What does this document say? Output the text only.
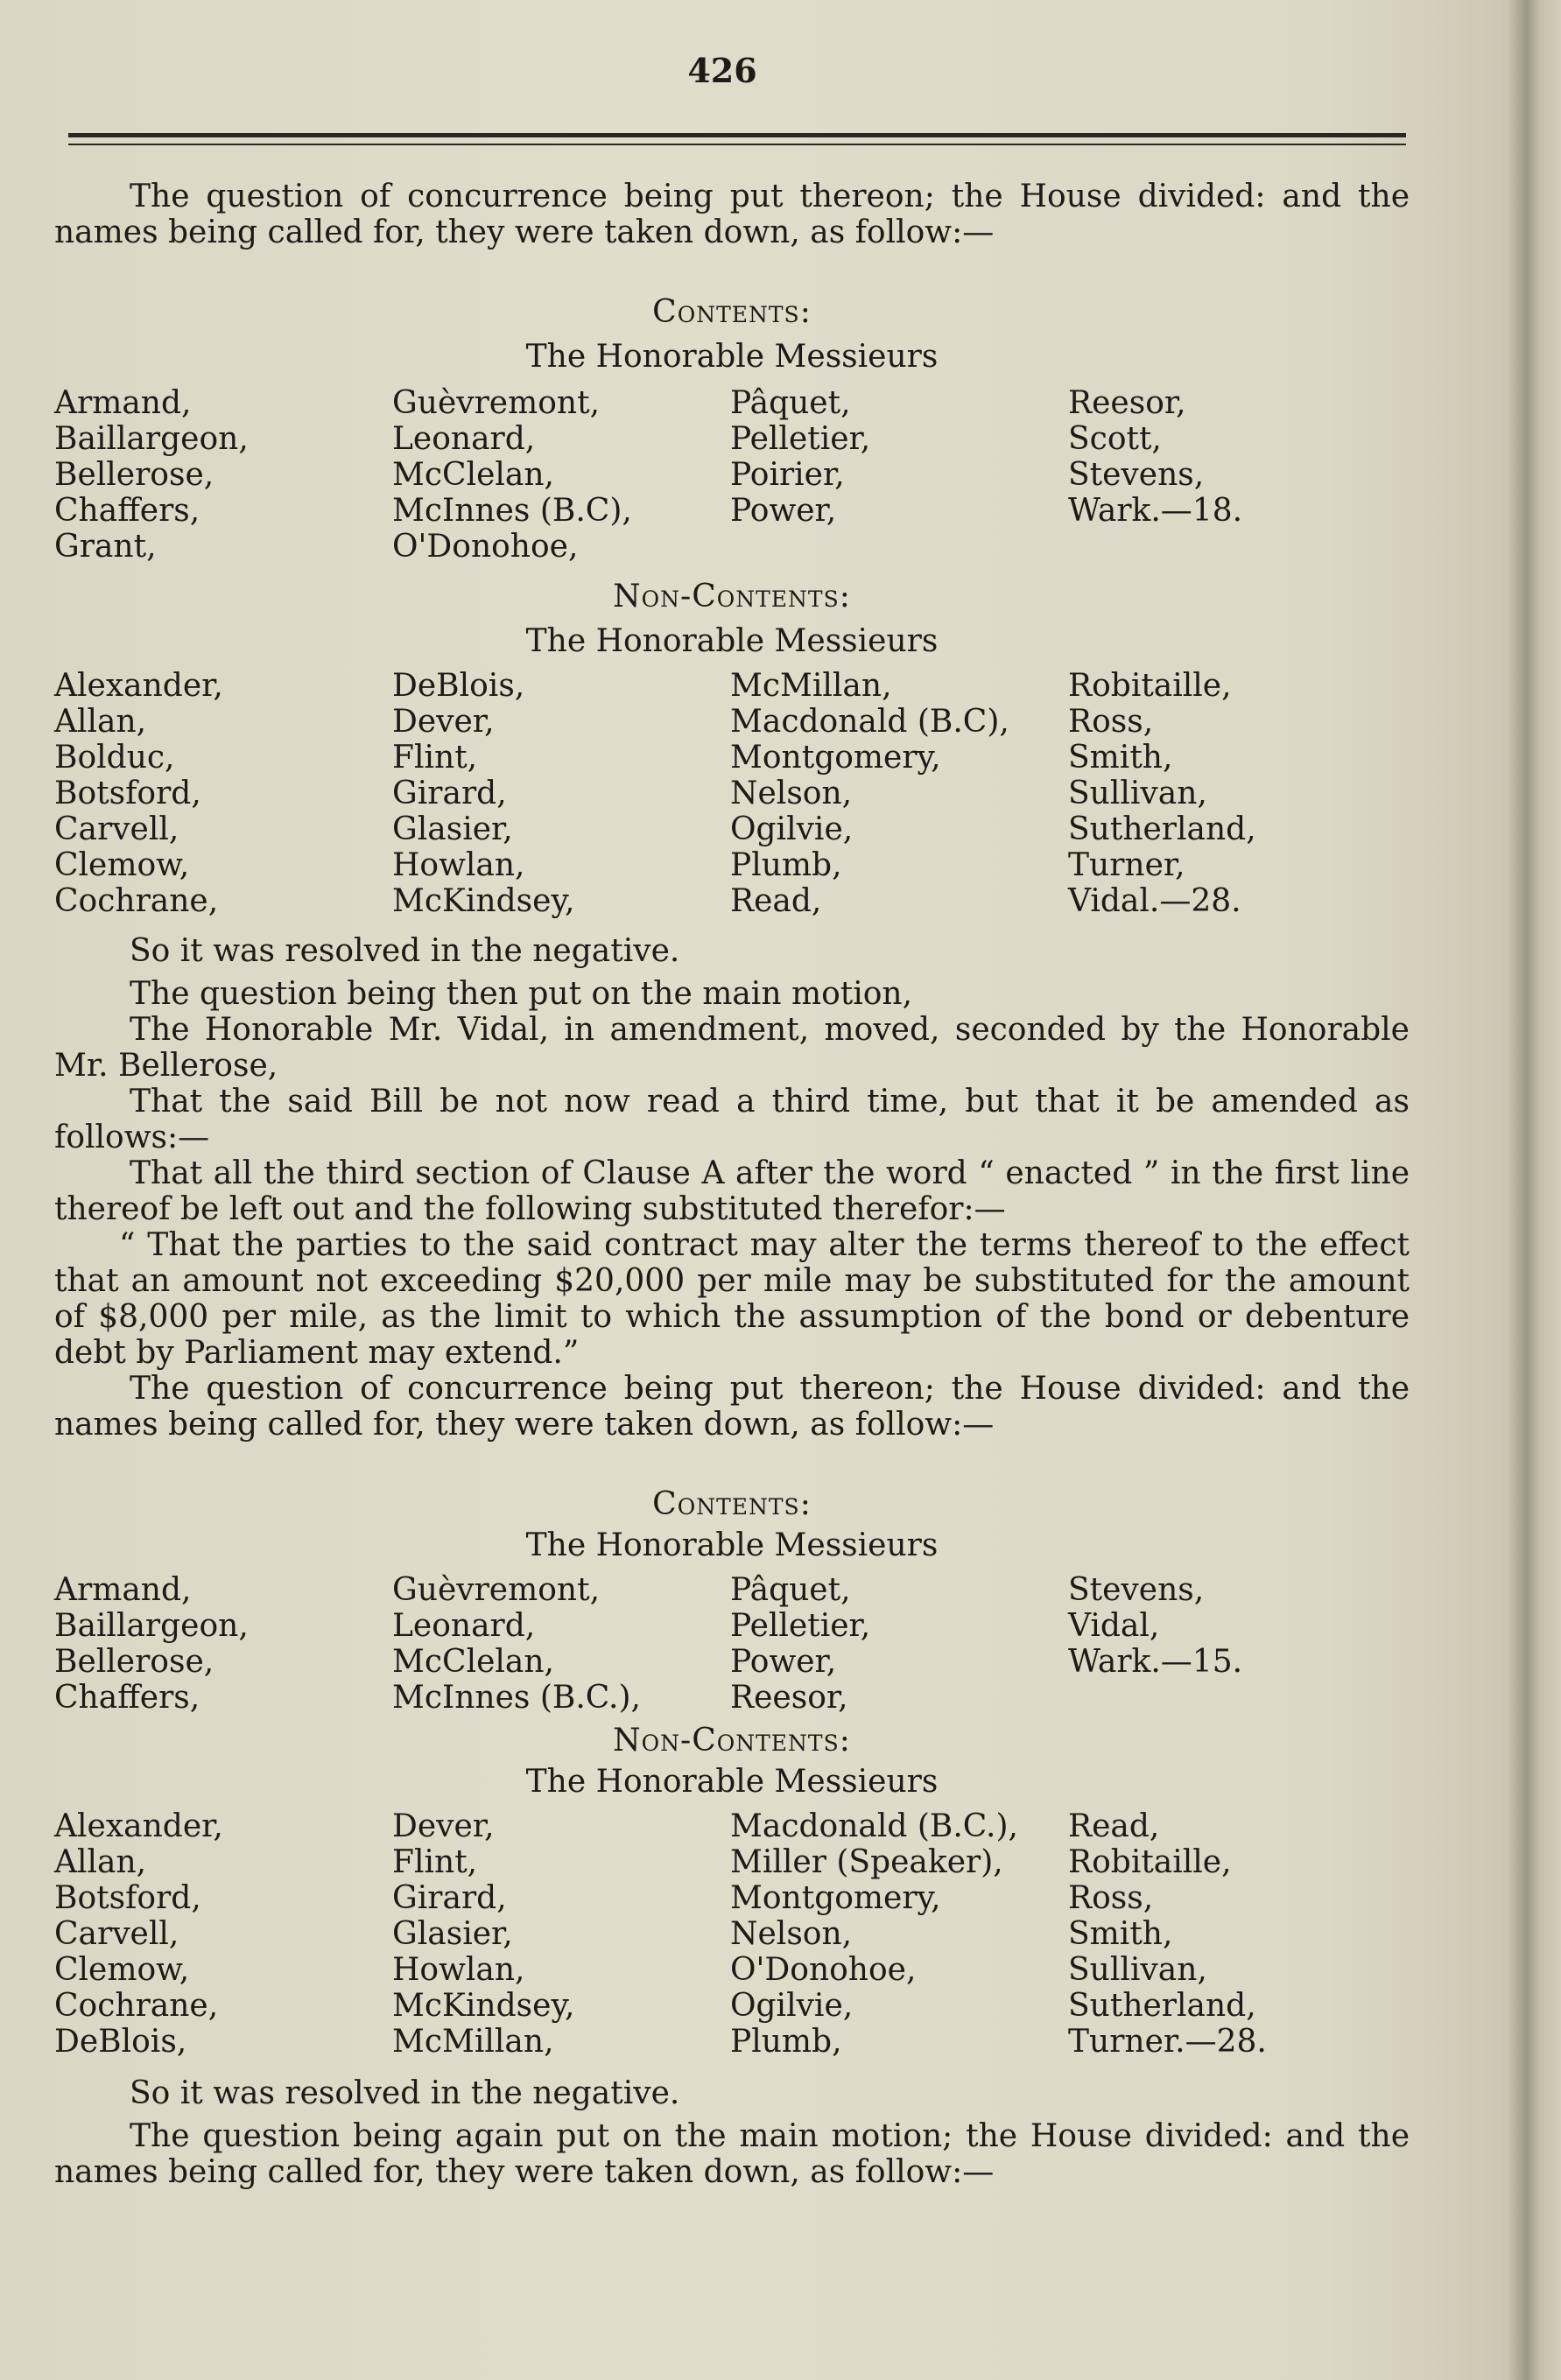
426

The question of concurrence being put thereon; the House divided: and the names being called for, they were taken down, as follow:—

Contents:
The Honorable Messieurs
Armand,	Guèvremont,	Pâquet,	Reesor,
Baillargeon,	Leonard,	Pelletier,	Scott,
Bellerose,	McClelan,	Poirier,	Stevens,
Chaffers,	McInnes (B.C),	Power,	Wark.—18.
Grant,	O'Donohoe,
Non-Contents:
The Honorable Messieurs
Alexander,	DeBlois,	McMillan,	Robitaille,
Allan,	Dever,	Macdonald (B.C),	Ross,
Bolduc,	Flint,	Montgomery,	Smith,
Botsford,	Girard,	Nelson,	Sullivan,
Carvell,	Glasier,	Ogilvie,	Sutherland,
Clemow,	Howlan,	Plumb,	Turner,
Cochrane,	McKindsey,	Read,	Vidal.—28.

So it was resolved in the negative.

The question being then put on the main motion,

The Honorable Mr. Vidal, in amendment, moved, seconded by the Honorable Mr. Bellerose,

That the said Bill be not now read a third time, but that it be amended as follows:—

That all the third section of Clause A after the word “ enacted ” in the first line thereof be left out and the following substituted therefor:—

“ That the parties to the said contract may alter the terms thereof to the effect that an amount not exceeding $20,000 per mile may be substituted for the amount of $8,000 per mile, as the limit to which the assumption of the bond or debenture debt by Parliament may extend.”

The question of concurrence being put thereon; the House divided: and the names being called for, they were taken down, as follow:—

Contents:
The Honorable Messieurs
Armand,	Guèvremont,	Pâquet,	Stevens,
Baillargeon,	Leonard,	Pelletier,	Vidal,
Bellerose,	McClelan,	Power,	Wark.—15.
Chaffers,	McInnes (B.C.),	Reesor,
Non-Contents:
The Honorable Messieurs
Alexander,	Dever,	Macdonald (B.C.),	Read,
Allan,	Flint,	Miller (Speaker),	Robitaille,
Botsford,	Girard,	Montgomery,	Ross,
Carvell,	Glasier,	Nelson,	Smith,
Clemow,	Howlan,	O'Donohoe,	Sullivan,
Cochrane,	McKindsey,	Ogilvie,	Sutherland,
DeBlois,	McMillan,	Plumb,	Turner.—28.

So it was resolved in the negative.

The question being again put on the main motion; the House divided: and the names being called for, they were taken down, as follow:—
